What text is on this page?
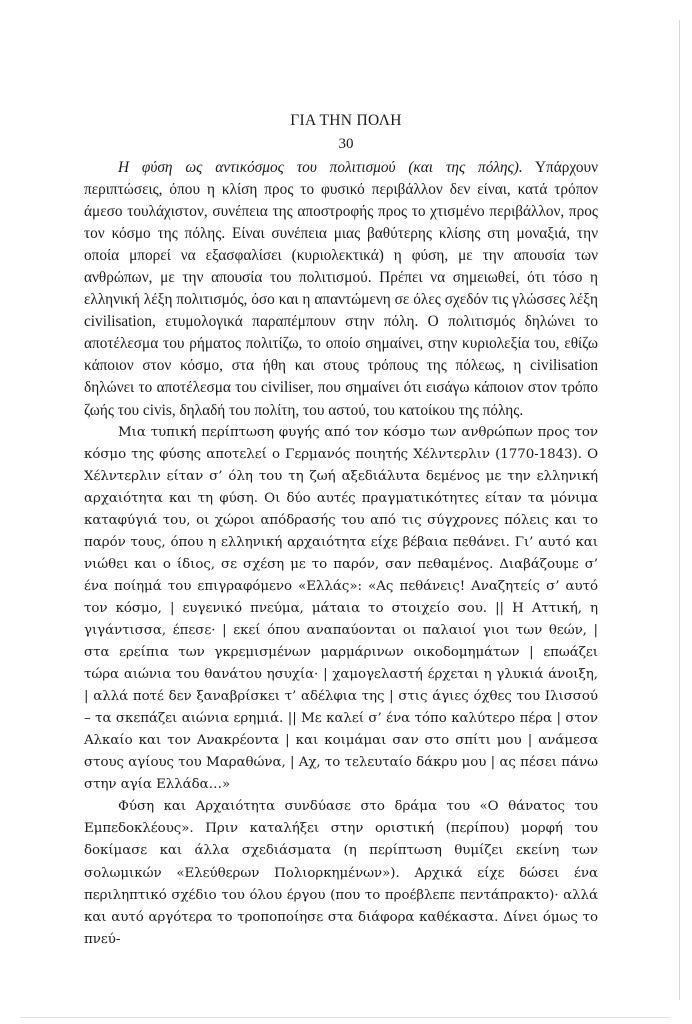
ΓΙΑ ΤΗΝ ΠΟΛΗ
30

Η φύση ως αντικόσμος του πολιτισμού (και της πόλης). Υπάρχουν περιπτώσεις, όπου η κλίση προς το φυσικό περιβάλλον δεν είναι, κατά τρόπον άμεσο τουλάχιστον, συνέπεια της αποστροφής προς το χτισμένο περιβάλλον, προς τον κόσμο της πόλης. Είναι συνέπεια μιας βαθύτερης κλίσης στη μοναξιά, την οποία μπορεί να εξασφαλίσει (κυριολεκτικά) η φύση, με την απουσία των ανθρώπων, με την απουσία του πολιτισμού. Πρέπει να σημειωθεί, ότι τόσο η ελληνική λέξη πολιτισμός, όσο και η απαντώμενη σε όλες σχεδόν τις γλώσσες λέξη civilisation, ετυμολογικά παραπέμπουν στην πόλη. Ο πολιτισμός δηλώνει το αποτέλεσμα του ρήματος πολιτίζω, το οποίο σημαίνει, στην κυριολεξία του, εθίζω κάποιον στον κόσμο, στα ήθη και στους τρόπους της πόλεως, η civilisation δηλώνει το αποτέλεσμα του civiliser, που σημαίνει ότι εισάγω κάποιον στον τρόπο ζωής του civis, δηλαδή του πολίτη, του αστού, του κατοίκου της πόλης.

Μια τυπική περίπτωση φυγής από τον κόσμο των ανθρώπων προς τον κόσμο της φύσης αποτελεί ο Γερμανός ποιητής Χέλντερλιν (1770-1843). Ο Χέλντερλιν είταν σ’ όλη του τη ζωή αξεδιάλυτα δεμένος με την ελληνική αρχαιότητα και τη φύση. Οι δύο αυτές πραγματικότητες είταν τα μόνιμα καταφύγιά του, οι χώροι απόδρασής του από τις σύγχρονες πόλεις και το παρόν τους, όπου η ελληνική αρχαιότητα είχε βέβαια πεθάνει. Γι’ αυτό και νιώθει και ο ίδιος, σε σχέση με το παρόν, σαν πεθαμένος. Διαβάζουμε σ’ ένα ποίημά του επιγραφόμενο «Ελλάς»: «Ας πεθάνεις! Αναζητείς σ’ αυτό τον κόσμο, | ευγενικό πνεύμα, μάταια το στοιχείο σου. || Η Αττική, η γιγάντισσα, έπεσε· | εκεί όπου αναπαύονται οι παλαιοί γιοι των θεών, | στα ερείπια των γκρεμισμένων μαρμάρινων οικοδομημάτων | επωάζει τώρα αιώνια του θανάτου ησυχία· | χαμογελαστή έρχεται η γλυκιά άνοιξη, | αλλά ποτέ δεν ξαναβρίσκει τ’ αδέλφια της | στις άγιες όχθες του Ιλισσού – τα σκεπάζει αιώνια ερημιά. || Με καλεί σ’ ένα τόπο καλύτερο πέρα | στον Αλκαίο και τον Ανακρέοντα | και κοιμάμαι σαν στο σπίτι μου | ανάμεσα στους αγίους του Μαραθώνα, | Αχ, το τελευταίο δάκρυ μου | ας πέσει πάνω στην αγία Ελλάδα…»

Φύση και Αρχαιότητα συνδύασε στο δράμα του «Ο θάνατος του Εμπεδοκλέους». Πριν καταλήξει στην οριστική (περίπου) μορφή του δοκίμασε και άλλα σχεδιάσματα (η περίπτωση θυμίζει εκείνη των σολωμικών «Ελεύθερων Πολιορκημένων»). Αρχικά είχε δώσει ένα περιληπτικό σχέδιο του όλου έργου (που το προέβλεπε πεντάπρακτο)· αλλά και αυτό αργότερα το τροποποίησε στα διάφορα καθέκαστα. Δίνει όμως το πνεύ-
